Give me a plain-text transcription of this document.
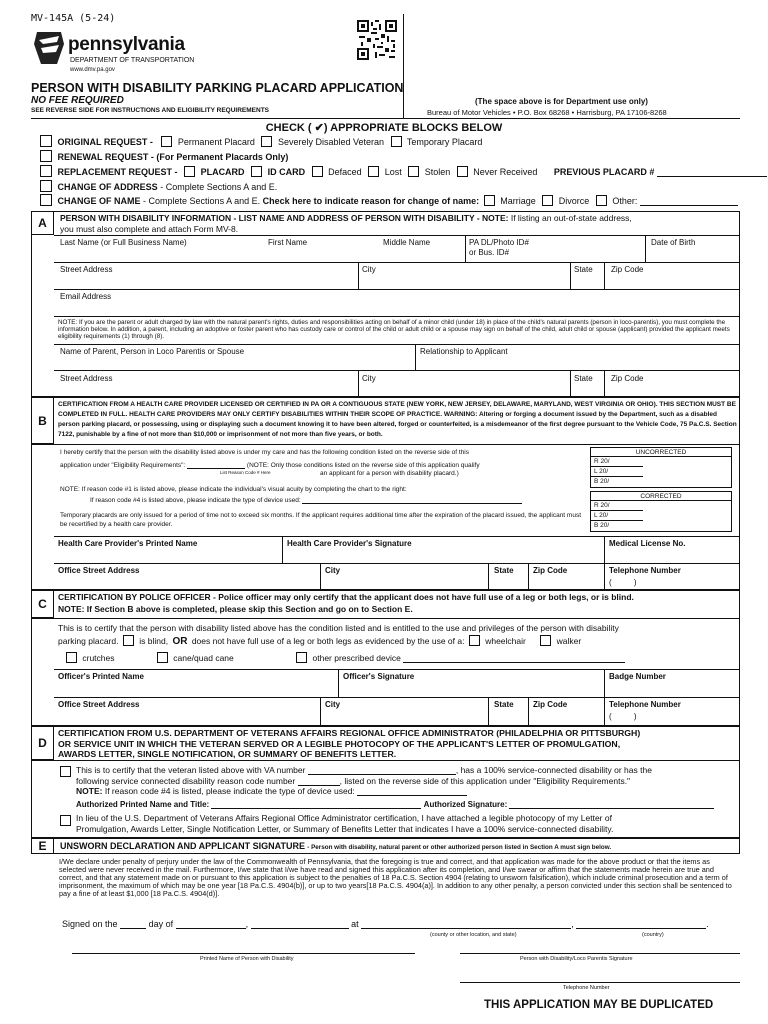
MV-145A (5-24)
pennsylvania
DEPARTMENT OF TRANSPORTATION
www.dmv.pa.gov
PERSON WITH DISABILITY PARKING PLACARD APPLICATION
NO FEE REQUIRED
SEE REVERSE SIDE FOR INSTRUCTIONS AND ELIGIBILITY REQUIREMENTS
(The space above is for Department use only)
Bureau of Motor Vehicles • P.O. Box 68268 • Harrisburg, PA 17106-8268
CHECK ( ✔) APPROPRIATE BLOCKS BELOW
ORIGINAL REQUEST -	Permanent Placard	Severely Disabled Veteran	Temporary Placard
RENEWAL REQUEST - (For Permanent Placards Only)
REPLACEMENT REQUEST -	PLACARD	ID CARD	Defaced	Lost	Stolen	Never Received PREVIOUS PLACARD #
CHANGE OF ADDRESS - Complete Sections A and E.
CHANGE OF NAME - Complete Sections A and E. Check here to indicate reason for change of name: Marriage	Divorce	Other:
A	PERSON WITH DISABILITY INFORMATION - LIST NAME AND ADDRESS OF PERSON WITH DISABILITY - NOTE: If listing an out-of-state address,
you must also complete and attach Form MV-8.
Last Name (or Full Business Name)	First Name	Middle Name	PA DL/Photo ID#
or Bus. ID#
Date of Birth
Street Address	City	State Zip Code
Email Address
NOTE: If you are the parent or adult charged by law with the natural parent's rights, duties and responsibilities acting on behalf of a minor child (under 18) in place of the child's natural parents (person in loco-parentis), you must complete the information below. In addition, a parent, including an adoptive or foster parent who has custody care or control of the child or adult child or a spouse may sign on behalf of the child, adult child or spouse (applicant) provided the applicant meets eligibility requirements (1) through (8).
Name of Parent, Person in Loco Parentis or Spouse	Relationship to Applicant
Street Address	City	State Zip Code
B
CERTIFICATION FROM A HEALTH CARE PROVIDER LICENSED OR CERTIFIED IN PA OR A CONTIGUOUS STATE (NEW YORK, NEW JERSEY, DELAWARE, MARYLAND, WEST VIRGINIA OR OHIO). THIS SECTION MUST BE COMPLETED IN FULL. HEALTH CARE PROVIDERS MAY ONLY CERTIFY DISABILITIES WITHIN THEIR SCOPE OF PRACTICE. WARNING: Altering or forging a document issued by the Department, such as a disabled person parking placard, or possessing, using or displaying such a document knowing it to have been altered, forged or counterfeited, is a misdemeanor of the first degree pursuant to the Vehicle Code, 75 Pa.C.S. Section 7122, punishable by a fine of not more than $10,000 or imprisonment of not more than five years, or both.
I hereby certify that the person with the disability listed above is under my care and has the following condition listed on the reverse side of this
application under "Eligibility Requirements":	(NOTE: Only those conditions listed on the reverse side of this application qualify
List Reason Code # Here	an applicant for a person with disability placard.)
NOTE: If reason code #1 is listed above, please indicate the individual's visual acuity by completing the chart to the right:
If reason code #4 is listed above, please indicate the type of device used:
Temporary placards are only issued for a period of time not to exceed six months. If the applicant requires additional time after the expiration of the placard issued, the applicant must be recertified by a health care provider.
UNCORRECTED
R 20/
L 20/
B 20/
CORRECTED
R 20/
L 20/
B 20/
Health Care Provider's Printed Name	Health Care Provider's Signature	Medical License No.
Office Street Address	City	State Zip Code	Telephone Number
(          )
C	CERTIFICATION BY POLICE OFFICER - Police officer may only certify that the applicant does not have full use of a leg or both legs, or is blind.
NOTE: If Section B above is completed, please skip this Section and go on to Section E.
This is to certify that the person with disability listed above has the condition listed and is entitled to the use and privileges of the person with disability
parking placard. is blind, OR does not have full use of a leg or both legs as evidenced by the use of a: wheelchair	walker
crutches	cane/quad cane	other prescribed device
Officer's Printed Name	Officer's Signature	Badge Number
Office Street Address	City	State Zip Code	Telephone Number
(          )
D
CERTIFICATION FROM U.S. DEPARTMENT OF VETERANS AFFAIRS REGIONAL OFFICE ADMINISTRATOR (PHILADELPHIA OR PITTSBURGH)
OR SERVICE UNIT IN WHICH THE VETERAN SERVED OR A LEGIBLE PHOTOCOPY OF THE APPLICANT'S LETTER OF PROMULGATION,
AWARDS LETTER, SINGLE NOTIFICATION, OR SUMMARY OF BENEFITS LETTER.
This is to certify that the veteran listed above with VA number	, has a 100% service-connected disability or has the
following service connected disability reason code number	, listed on the reverse side of this application under "Eligibility Requirements."
NOTE: If reason code #4 is listed, please indicate the type of device used:
Authorized Printed Name and Title:	Authorized Signature:
In lieu of the U.S. Department of Veterans Affairs Regional Office Administrator certification, I have attached a legible photocopy of my Letter of
Promulgation, Awards Letter, Single Notification Letter, or Summary of Benefits Letter that indicates I have a 100% service-connected disability.
E	UNSWORN DECLARATION AND APPLICANT SIGNATURE - Person with disability, natural parent or other authorized person listed in Section A must sign below.
I/We declare under penalty of perjury under the law of the Commonwealth of Pennsylvania, that the foregoing is true and correct, and that application was made for the above product or that the items as selected were never received in the mail. Furthermore, I/we state that I/we have read and signed this application after its completion, and I/we swear or affirm that the statements made herein are true and correct, and that any statement made on or pursuant to this application is subject to the penalties of 18 Pa.C.S. Section 4904 (relating to unsworn falsification), which include criminal prosecution and a term of imprisonment, the maximum of which may be one year [18 Pa.C.S. 4904(b)], or up to two years[18 Pa.C.S. 4904(a)]. In addition to any other penalty, a person convicted under this section shall be sentenced to pay a fine of at least $1,000 [18 Pa.C.S. 4904(d)].
Signed on the	day of	,	at	,	.
(county or other location, and state)	(country)
Printed Name of Person with Disability	Person with Disability/Loco Parentis Signature
Telephone Number
THIS APPLICATION MAY BE DUPLICATED
